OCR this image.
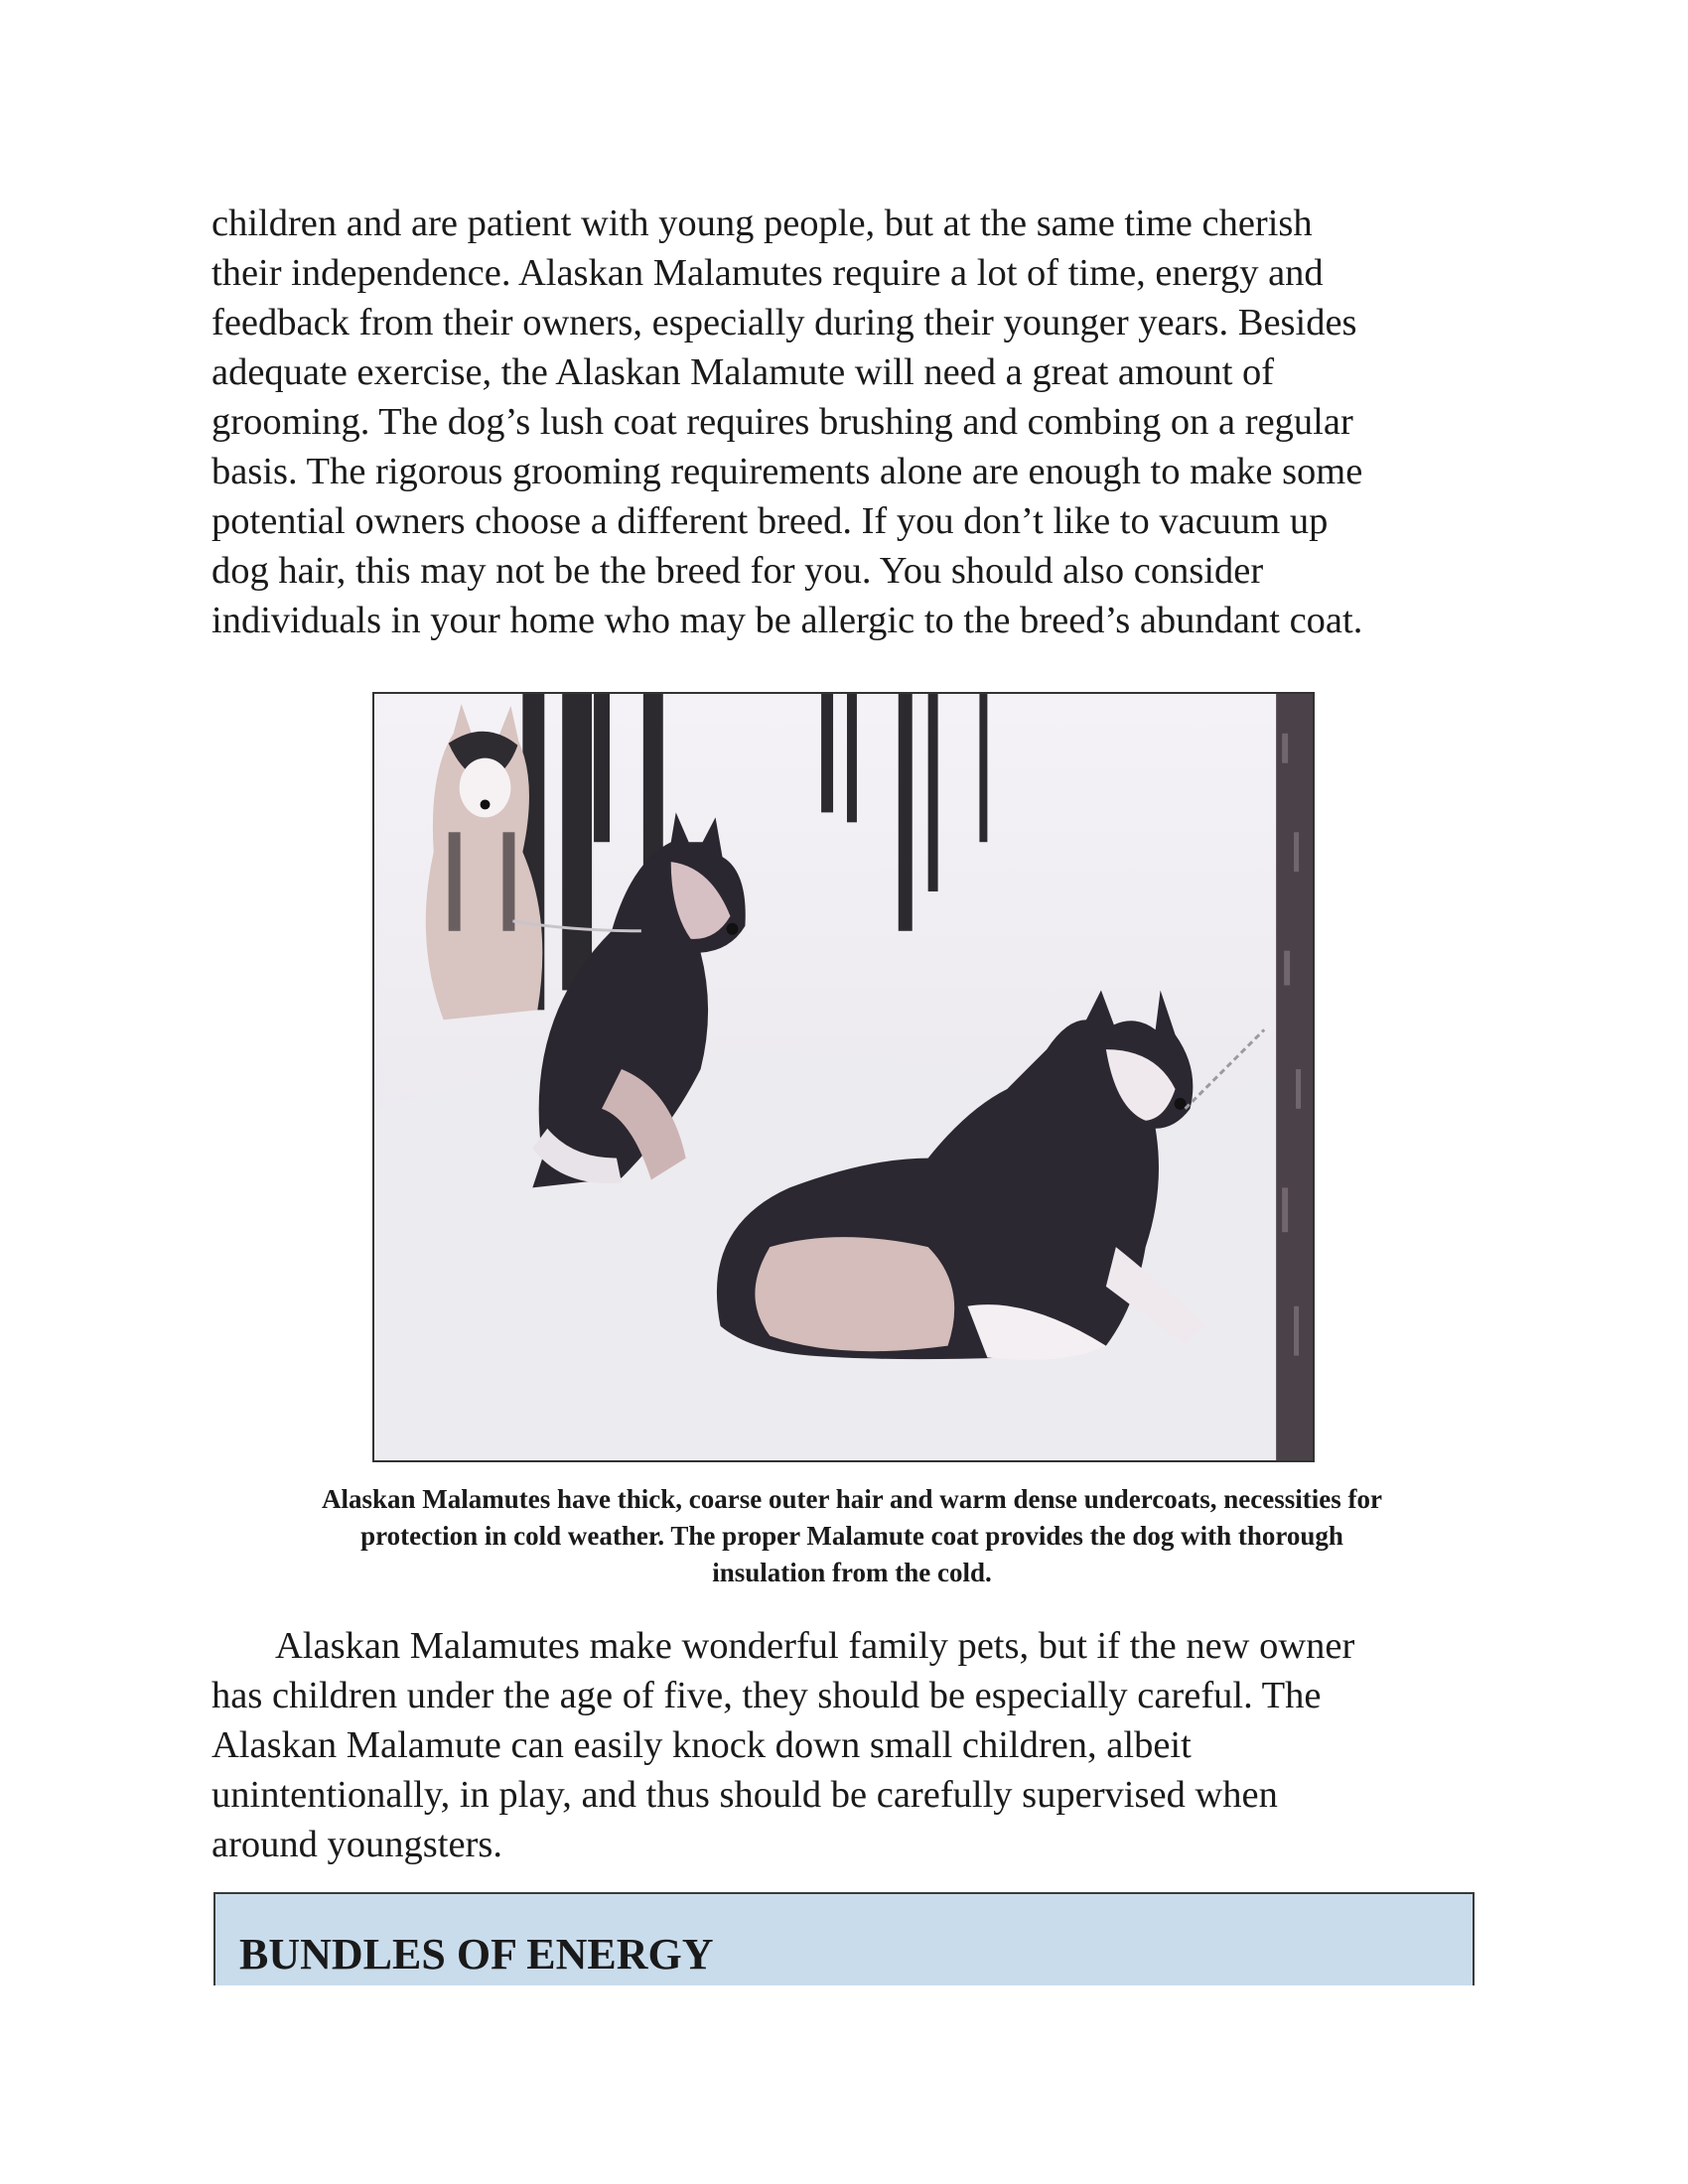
children and are patient with young people, but at the same time cherish
their independence. Alaskan Malamutes require a lot of time, energy and
feedback from their owners, especially during their younger years. Besides
adequate exercise, the Alaskan Malamute will need a great amount of
grooming. The dog’s lush coat requires brushing and combing on a regular
basis. The rigorous grooming requirements alone are enough to make some
potential owners choose a different breed. If you don’t like to vacuum up
dog hair, this may not be the breed for you. You should also consider
individuals in your home who may be allergic to the breed’s abundant coat.
Alaskan Malamutes have thick, coarse outer hair and warm dense undercoats, necessities for
protection in cold weather. The proper Malamute coat provides the dog with thorough
insulation from the cold.
Alaskan Malamutes make wonderful family pets, but if the new owner
has children under the age of five, they should be especially careful. The
Alaskan Malamute can easily knock down small children, albeit
unintentionally, in play, and thus should be carefully supervised when
around youngsters.
BUNDLES OF ENERGY
